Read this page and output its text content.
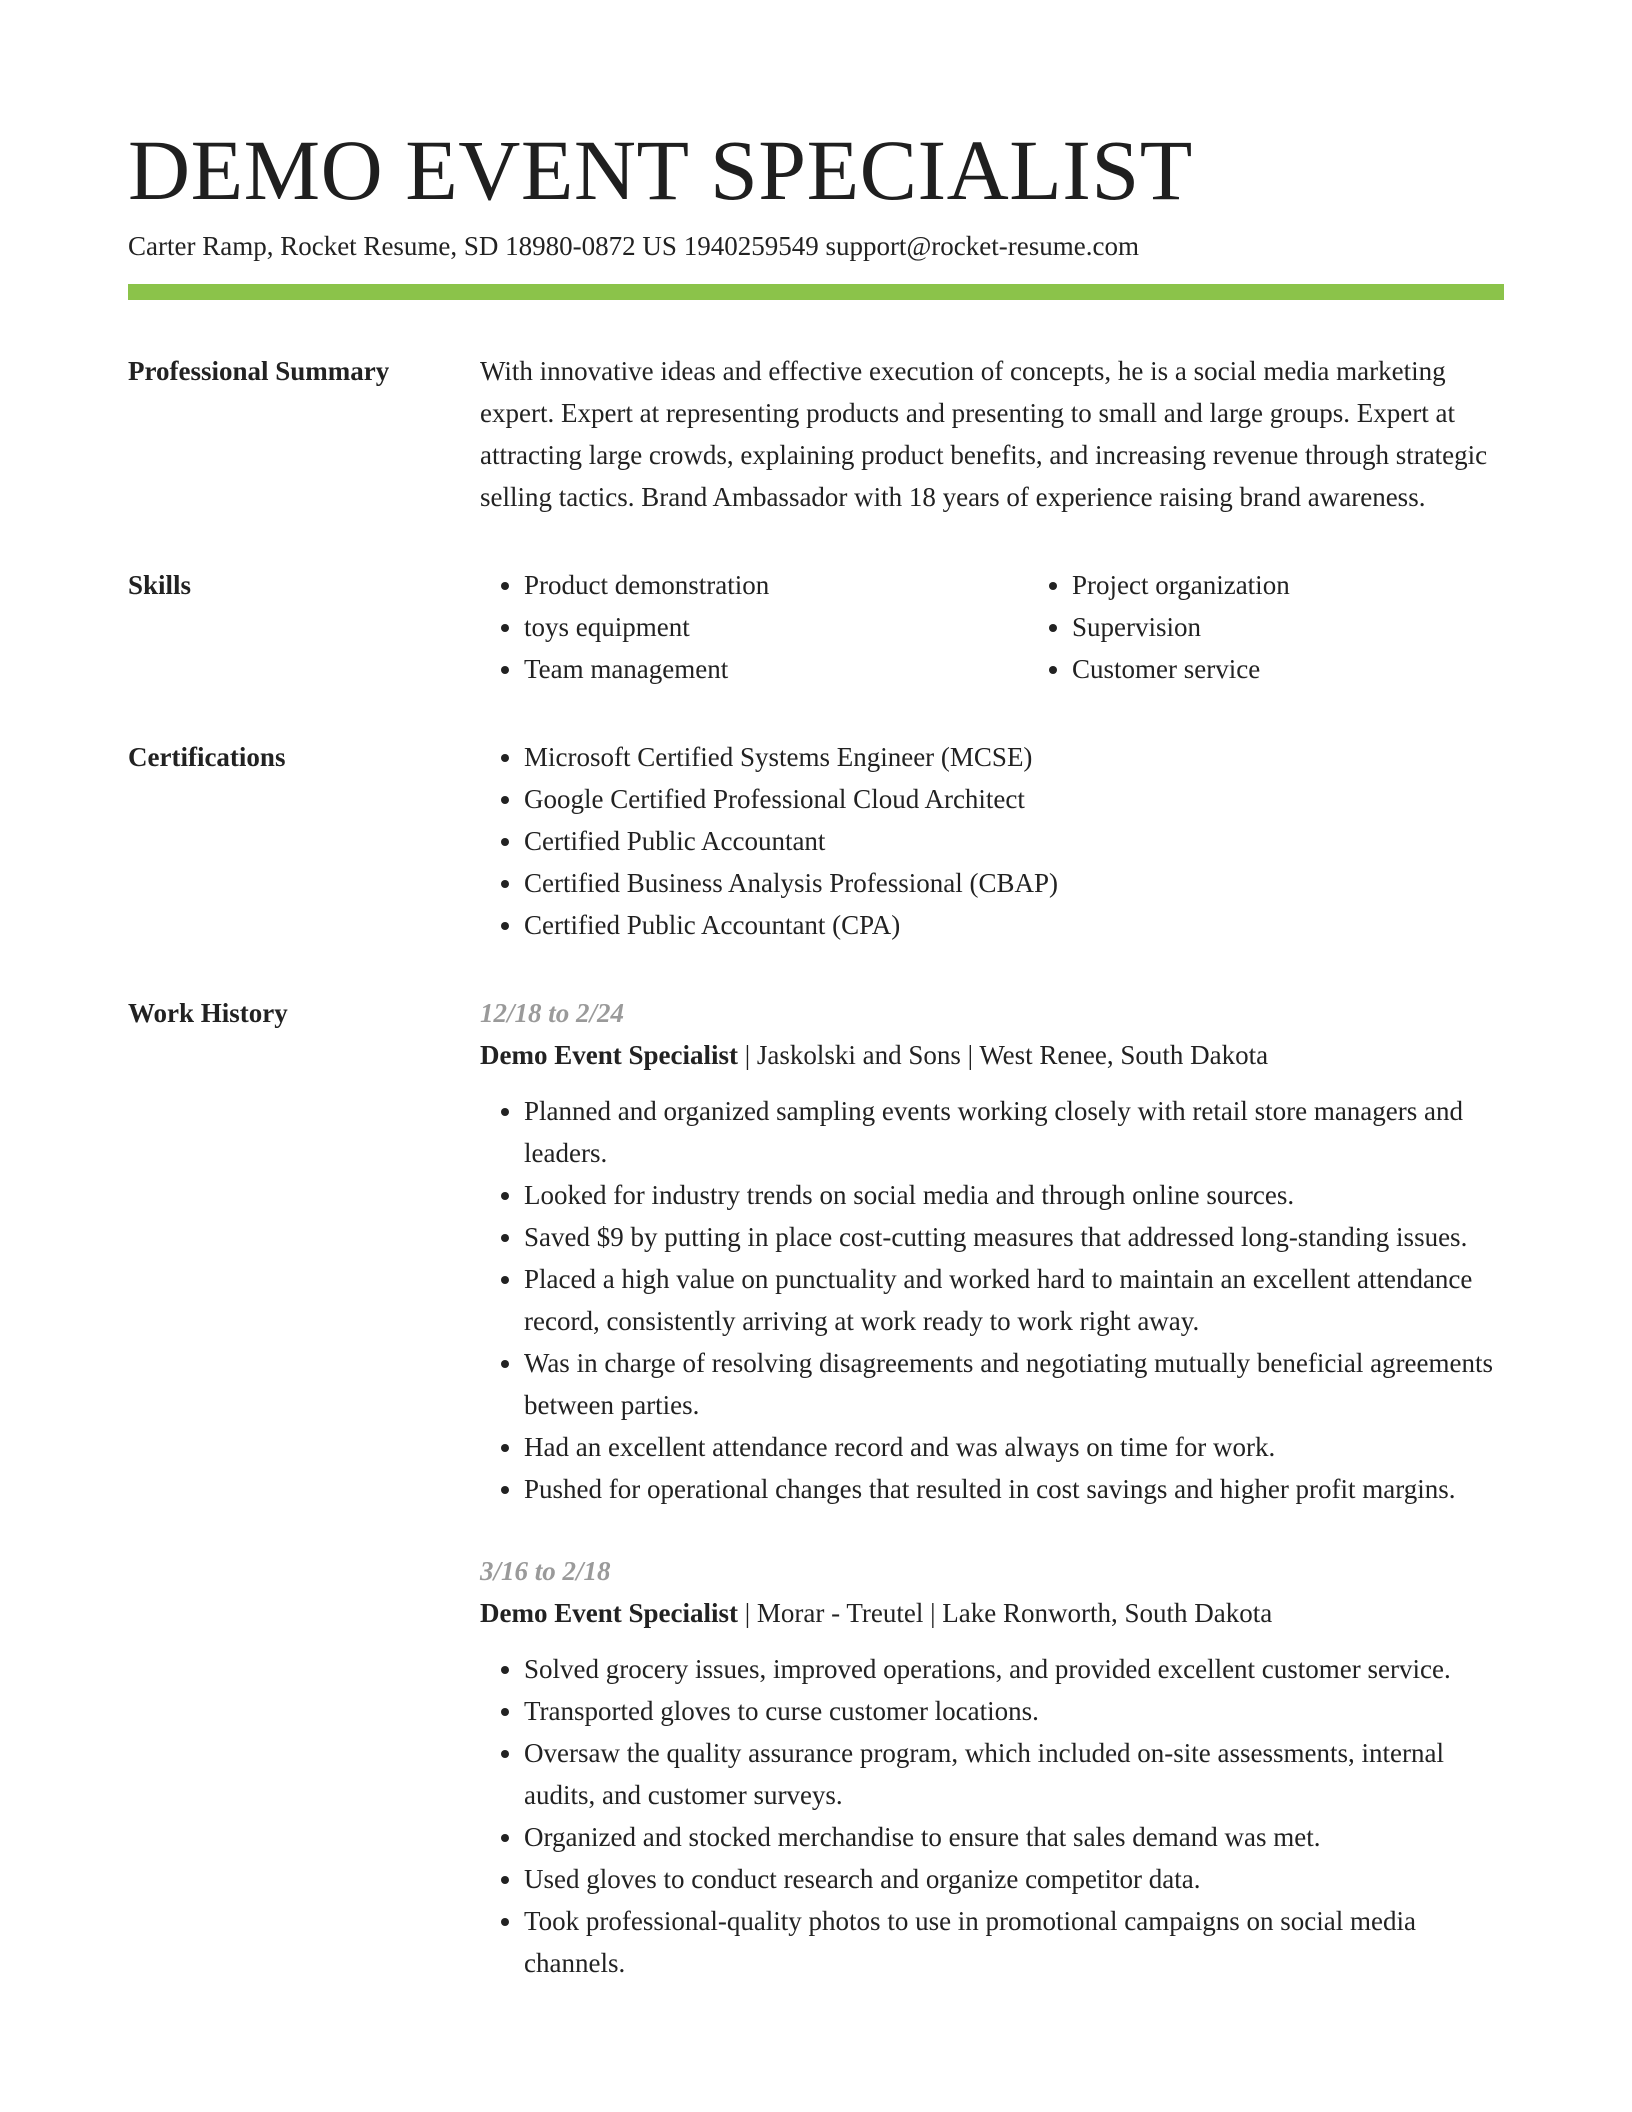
DEMO EVENT SPECIALIST
Carter Ramp, Rocket Resume, SD 18980-0872 US 1940259549 support@rocket-resume.com
Professional Summary	With innovative ideas and effective execution of concepts, he is a social media marketing expert. Expert at representing products and presenting to small and large groups. Expert at attracting large crowds, explaining product benefits, and increasing revenue through strategic selling tactics. Brand Ambassador with 18 years of experience raising brand awareness.

Skills	• Product demonstration
• toys equipment
• Team management
• Project organization
• Supervision
• Customer service
Certifications	• Microsoft Certified Systems Engineer (MCSE)
• Google Certified Professional Cloud Architect
• Certified Public Accountant
• Certified Business Analysis Professional (CBAP)
• Certified Public Accountant (CPA)
Work History	12/18 to 2/24
Demo Event Specialist | Jaskolski and Sons | West Renee, South Dakota
• Planned and organized sampling events working closely with retail store managers and leaders.
• Looked for industry trends on social media and through online sources.
• Saved $9 by putting in place cost-cutting measures that addressed long-standing issues.
• Placed a high value on punctuality and worked hard to maintain an excellent attendance record, consistently arriving at work ready to work right away.
• Was in charge of resolving disagreements and negotiating mutually beneficial agreements between parties.
• Had an excellent attendance record and was always on time for work.
• Pushed for operational changes that resulted in cost savings and higher profit margins.
3/16 to 2/18
Demo Event Specialist | Morar - Treutel | Lake Ronworth, South Dakota
• Solved grocery issues, improved operations, and provided excellent customer service.
• Transported gloves to curse customer locations.
• Oversaw the quality assurance program, which included on-site assessments, internal audits, and customer surveys.
• Organized and stocked merchandise to ensure that sales demand was met.
• Used gloves to conduct research and organize competitor data.
• Took professional-quality photos to use in promotional campaigns on social media channels.
